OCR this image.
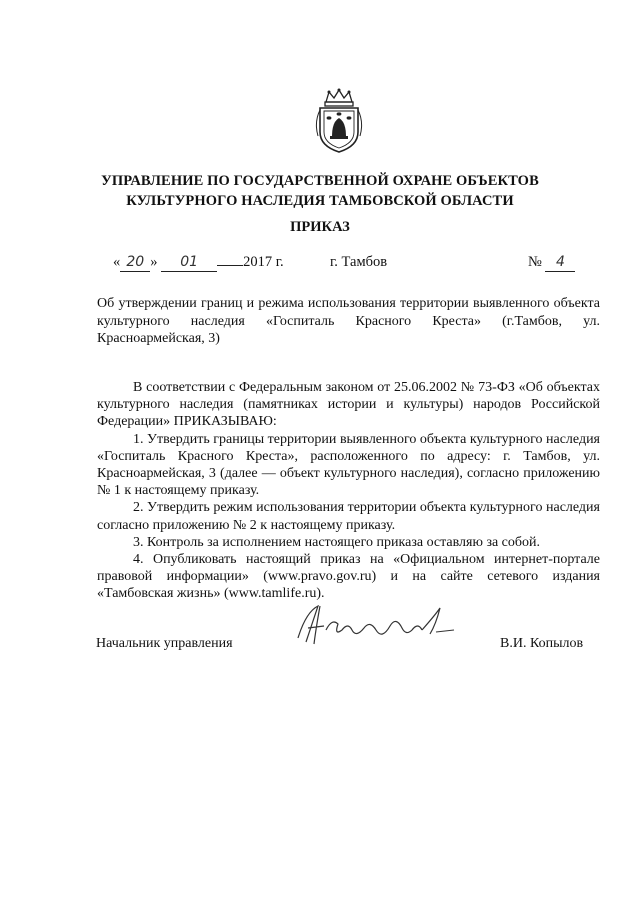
УПРАВЛЕНИЕ ПО ГОСУДАРСТВЕННОЙ ОХРАНЕ ОБЪЕКТОВ
КУЛЬТУРНОГО НАСЛЕДИЯ ТАМБОВСКОЙ ОБЛАСТИ
ПРИКАЗ
« 20 » 01	2017 г.	г. Тамбов	№ 4
Об утверждении границ и режима использования территории выявленного объекта культурного наследия «Госпиталь Красного Креста» (г.Тамбов, ул. Красноармейская, 3)

В соответствии с Федеральным законом от 25.06.2002 № 73-ФЗ «Об объектах культурного наследия (памятниках истории и культуры) народов Российской Федерации» ПРИКАЗЫВАЮ:

1. Утвердить границы территории выявленного объекта культурного наследия «Госпиталь Красного Креста», расположенного по адресу: г. Тамбов, ул. Красноармейская, 3 (далее — объект культурного наследия), согласно приложению № 1 к настоящему приказу.

2. Утвердить режим использования территории объекта культурного наследия согласно приложению № 2 к настоящему приказу.

3. Контроль за исполнением настоящего приказа оставляю за собой.

4. Опубликовать настоящий приказ на «Официальном интернет-портале правовой информации» (www.pravo.gov.ru) и на сайте сетевого издания «Тамбовская жизнь» (www.tamlife.ru).

Начальник управления	В.И. Копылов
